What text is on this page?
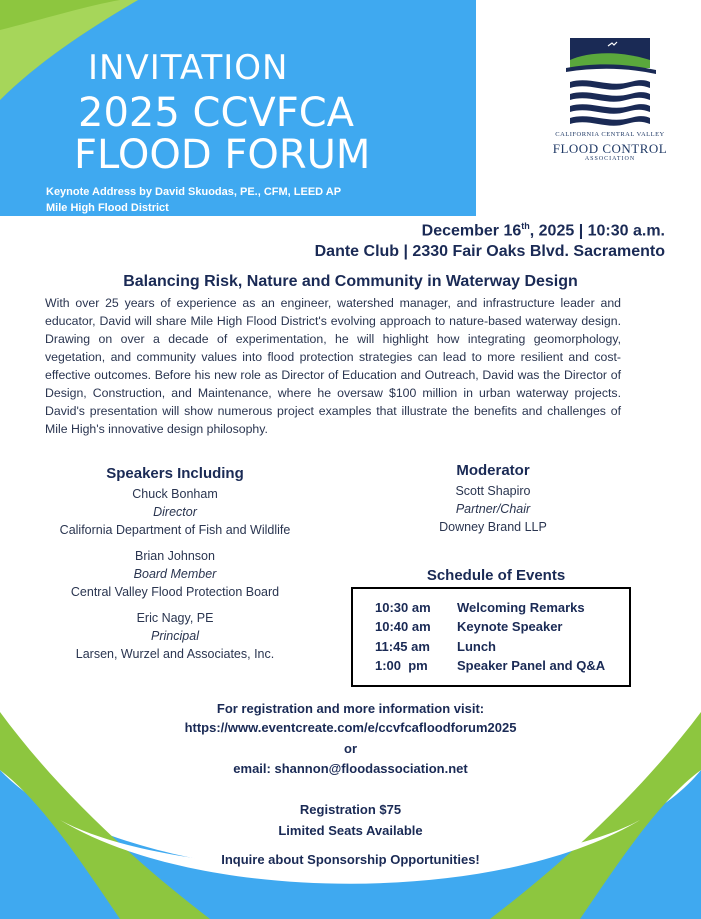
INVITATION
2025 CCVFCA
FLOOD FORUM
Keynote Address by David Skuodas, PE., CFM, LEED AP
Mile High Flood District
CALIFORNIA CENTRAL VALLEY
FLOOD CONTROL
ASSOCIATION
December 16th, 2025 | 10:30 a.m.
Dante Club | 2330 Fair Oaks Blvd. Sacramento
Balancing Risk, Nature and Community in Waterway Design
With over 25 years of experience as an engineer, watershed manager, and infrastructure leader and educator, David will share Mile High Flood District's evolving approach to nature-based waterway design. Drawing on over a decade of experimentation, he will highlight how integrating geomorphology, vegetation, and community values into flood protection strategies can lead to more resilient and cost-effective outcomes. Before his new role as Director of Education and Outreach, David was the Director of Design, Construction, and Maintenance, where he oversaw $100 million in urban waterway projects. David's presentation will show numerous project examples that illustrate the benefits and challenges of Mile High's innovative design philosophy.
Speakers Including
Chuck Bonham
Director
California Department of Fish and Wildlife
Brian Johnson
Board Member
Central Valley Flood Protection Board
Eric Nagy, PE
Principal
Larsen, Wurzel and Associates, Inc.
Moderator
Scott Shapiro
Partner/Chair
Downey Brand LLP
Schedule of Events
10:30 am Welcoming Remarks
10:40 am Keynote Speaker
11:45 am Lunch
1:00  pm Speaker Panel and Q&A
For registration and more information visit:
https://www.eventcreate.com/e/ccvfcafloodforum2025
or
email: shannon@floodassociation.net
Registration $75
Limited Seats Available
Inquire about Sponsorship Opportunities!
